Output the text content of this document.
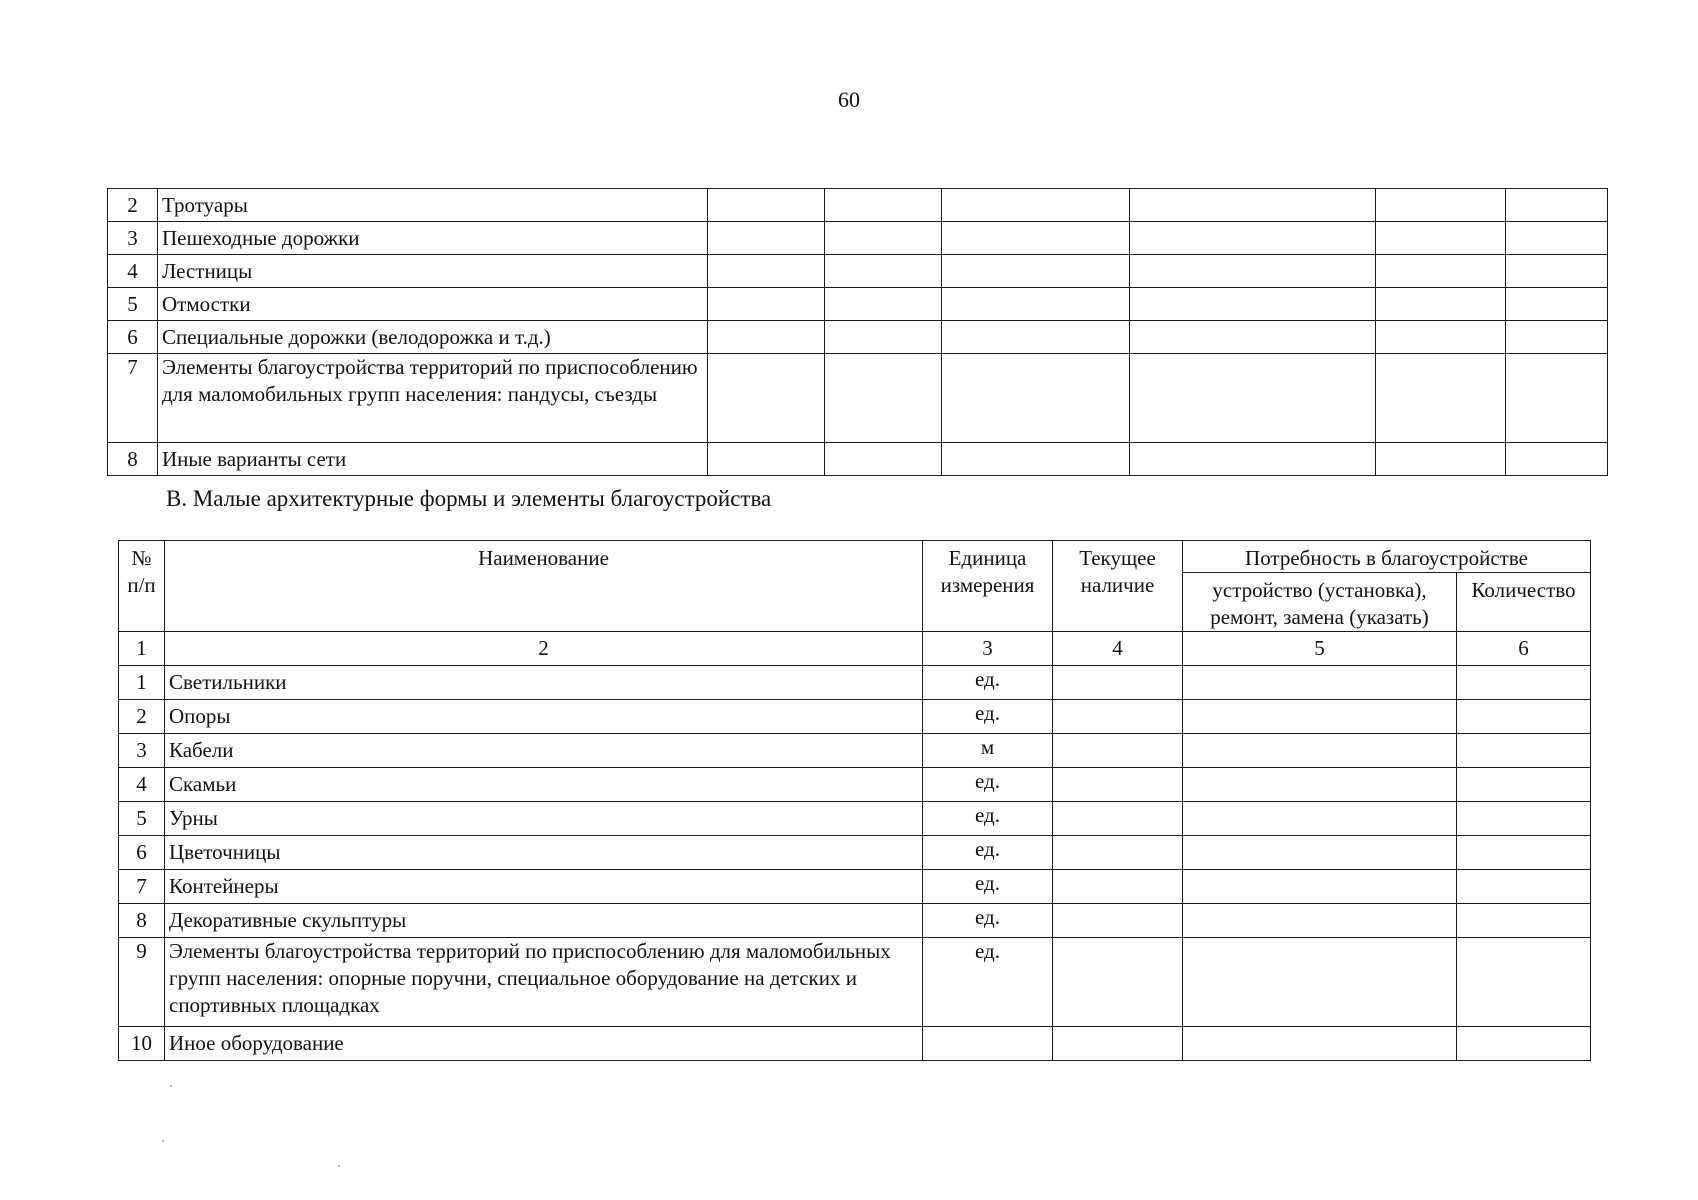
60
2	Тротуары						
3	Пешеходные дорожки						
4	Лестницы						
5	Отмостки						
6	Специальные дорожки (велодорожка и т.д.)						
7	Элементы благоустройства территорий по приспособлению для маломобильных групп населения: пандусы, съезды						
8	Иные варианты сети						
В. Малые архитектурные формы и элементы благоустройства
№ п/п	Наименование	Единица измерения	Текущее наличие	Потребность в благоустройстве	
				устройство (установка), ремонт, замена (указать)	Количество
1	2	3	4	5	6
1	Светильники	ед.			
2	Опоры	ед.			
3	Кабели	м			
4	Скамьи	ед.			
5	Урны	ед.			
6	Цветочницы	ед.			
7	Контейнеры	ед.			
8	Декоративные скульптуры	ед.			
9	Элементы благоустройства территорий по приспособлению для маломобильных групп населения: опорные поручни, специальное оборудование на детских и спортивных площадках	ед.			
10	Иное оборудование				
